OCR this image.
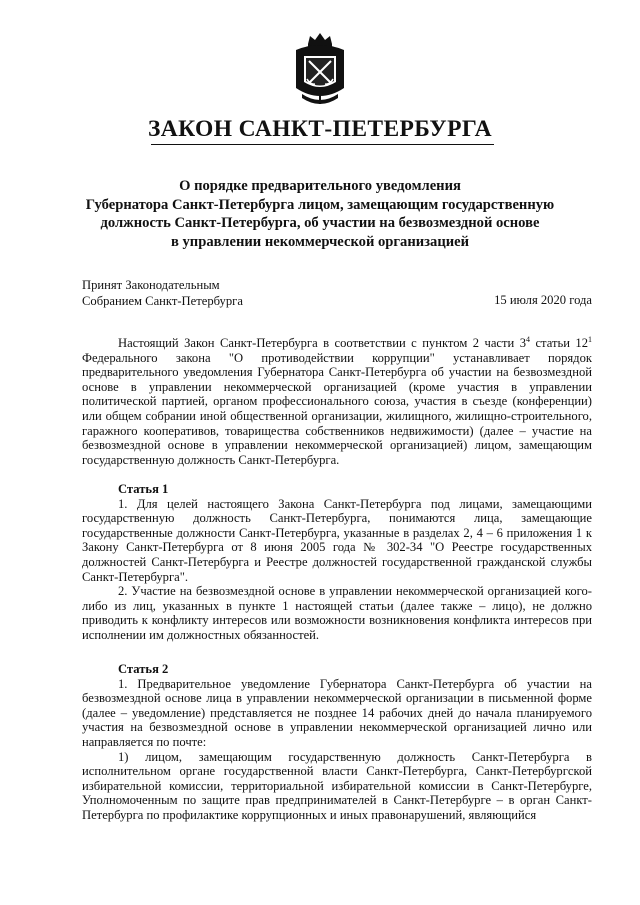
ЗАКОН САНКТ-ПЕТЕРБУРГА
О порядке предварительного уведомления
Губернатора Санкт-Петербурга лицом, замещающим государственную
должность Санкт-Петербурга, об участии на безвозмездной основе
в управлении некоммерческой организацией
Принят Законодательным
Собранием Санкт-Петербурга	15 июля 2020 года

Настоящий Закон Санкт-Петербурга в соответствии с пунктом 2 части $3^4$ статьи $12^1$ Федерального закона "О противодействии коррупции" устанавливает порядок предварительного уведомления Губернатора Санкт-Петербурга об участии на безвозмездной основе в управлении некоммерческой организацией (кроме участия в управлении политической партией, органом профессионального союза, участия в съезде (конференции) или общем собрании иной общественной организации, жилищного, жилищно-строительного, гаражного кооперативов, товарищества собственников недвижимости) (далее – участие на безвозмездной основе в управлении некоммерческой организацией) лицом, замещающим государственную должность Санкт-Петербурга.

Статья 1

1. Для целей настоящего Закона Санкт-Петербурга под лицами, замещающими государственную должность Санкт-Петербурга, понимаются лица, замещающие государственные должности Санкт-Петербурга, указанные в разделах 2, 4 – 6 приложения 1 к Закону Санкт-Петербурга от 8 июня 2005 года № 302-34 "О Реестре государственных должностей Санкт-Петербурга и Реестре должностей государственной гражданской службы Санкт-Петербурга".

2. Участие на безвозмездной основе в управлении некоммерческой организацией кого-либо из лиц, указанных в пункте 1 настоящей статьи (далее также – лицо), не должно приводить к конфликту интересов или возможности возникновения конфликта интересов при исполнении им должностных обязанностей.

Статья 2

1. Предварительное уведомление Губернатора Санкт-Петербурга об участии на безвозмездной основе лица в управлении некоммерческой организации в письменной форме (далее – уведомление) представляется не позднее 14 рабочих дней до начала планируемого участия на безвозмездной основе в управлении некоммерческой организацией лично или направляется по почте:

1) лицом, замещающим государственную должность Санкт-Петербурга в исполнительном органе государственной власти Санкт-Петербурга, Санкт-Петербургской избирательной комиссии, территориальной избирательной комиссии в Санкт-Петербурге, Уполномоченным по защите прав предпринимателей в Санкт-Петербурге – в орган Санкт-Петербурга по профилактике коррупционных и иных правонарушений, являющийся
